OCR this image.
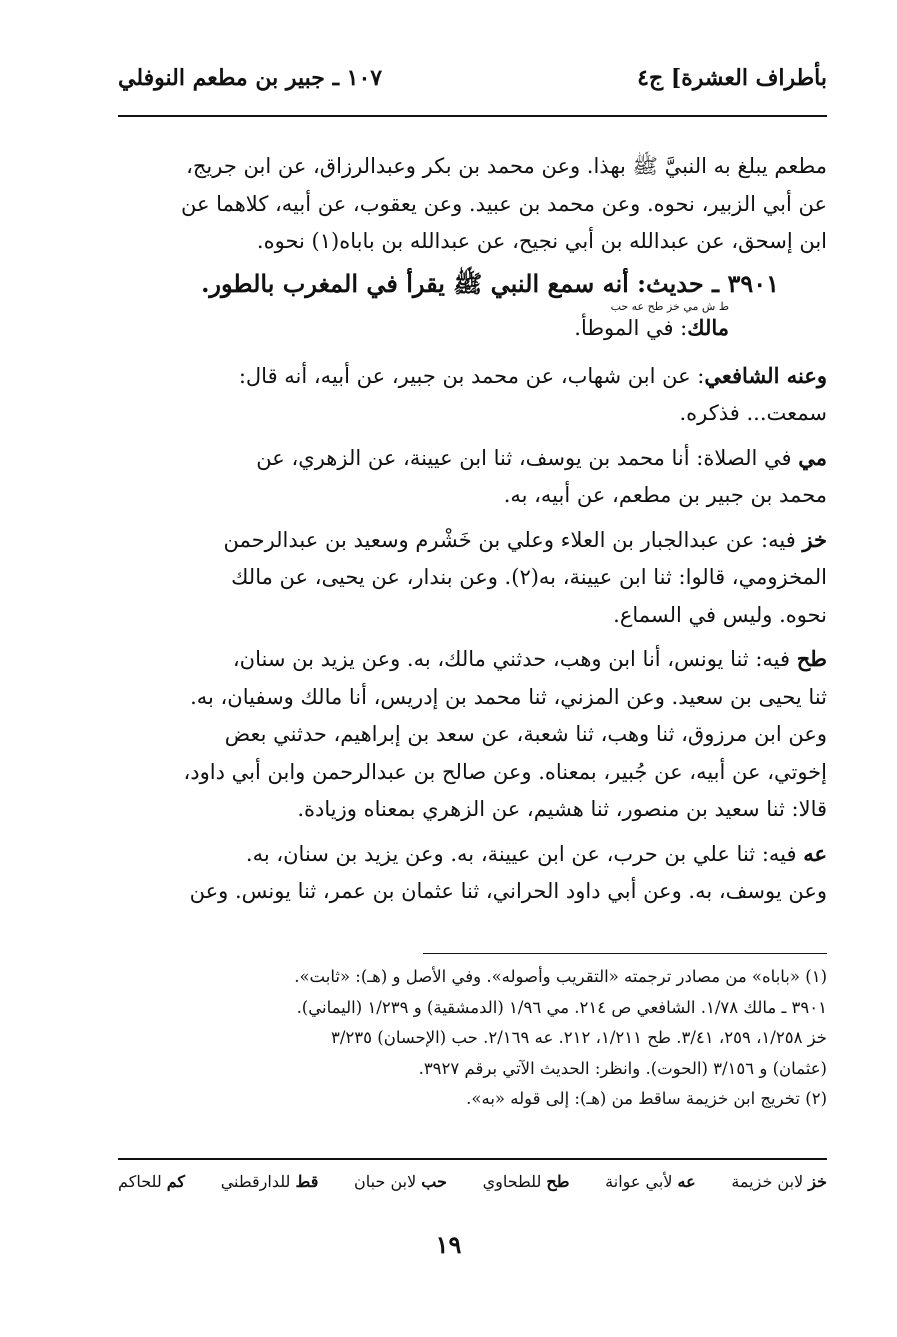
بأطراف العشرة] ج٤
١٠٧ ـ جبير بن مطعم النوفلي

مطعم يبلغ به النبيَّ ﷺ بهذا. وعن محمد بن بكر وعبدالرزاق، عن ابن جريج،
عن أبي الزبير، نحوه. وعن محمد بن عبيد. وعن يعقوب، عن أبيه، كلاهما عن
ابن إسحق، عن عبدالله بن أبي نجيح، عن عبدالله بن باباه(١) نحوه.

٣٩٠١ ـ حديث: أنه سمع النبي ﷺ يقرأ في المغرب بالطور.

ط ش مي خز طح عه حب

مالك: في الموطأ.

وعنه الشافعي: عن ابن شهاب، عن محمد بن جبير، عن أبيه، أنه قال:
سمعت... فذكره.

مي في الصلاة: أنا محمد بن يوسف، ثنا ابن عيينة، عن الزهري، عن
محمد بن جبير بن مطعم، عن أبيه، به.

خز فيه: عن عبدالجبار بن العلاء وعلي بن خَشْرم وسعيد بن عبدالرحمن
المخزومي، قالوا: ثنا ابن عيينة، به(٢). وعن بندار، عن يحيى، عن مالك
نحوه. وليس في السماع.

طح فيه: ثنا يونس، أنا ابن وهب، حدثني مالك، به. وعن يزيد بن سنان،
ثنا يحيى بن سعيد. وعن المزني، ثنا محمد بن إدريس، أنا مالك وسفيان، به.
وعن ابن مرزوق، ثنا وهب، ثنا شعبة، عن سعد بن إبراهيم، حدثني بعض
إخوتي، عن أبيه، عن جُبير، بمعناه. وعن صالح بن عبدالرحمن وابن أبي داود،
قالا: ثنا سعيد بن منصور، ثنا هشيم، عن الزهري بمعناه وزيادة.

عه فيه: ثنا علي بن حرب، عن ابن عيينة، به. وعن يزيد بن سنان، به.
وعن يوسف، به. وعن أبي داود الحراني، ثنا عثمان بن عمر، ثنا يونس. وعن

(١) «باباه» من مصادر ترجمته «التقريب وأصوله». وفي الأصل و (هـ): «ثابت».

٣٩٠١ ـ مالك ١/٧٨. الشافعي ص ٢١٤. مي ١/٩٦ (الدمشقية) و ١/٢٣٩ (اليماني).

خز ١/٢٥٨، ٢٥٩، ٣/٤١. طح ١/٢١١، ٢١٢. عه ٢/١٦٩. حب (الإحسان) ٣/٢٣٥

(عثمان) و ٣/١٥٦ (الحوت). وانظر: الحديث الآتي برقم ٣٩٢٧.

(٢) تخريج ابن خزيمة ساقط من (هـ): إلى قوله «به».

خز لابن خزيمة
عه لأبي عوانة
طح للطحاوي
حب لابن حبان
قط للدارقطني
كم للحاكم
١٩
